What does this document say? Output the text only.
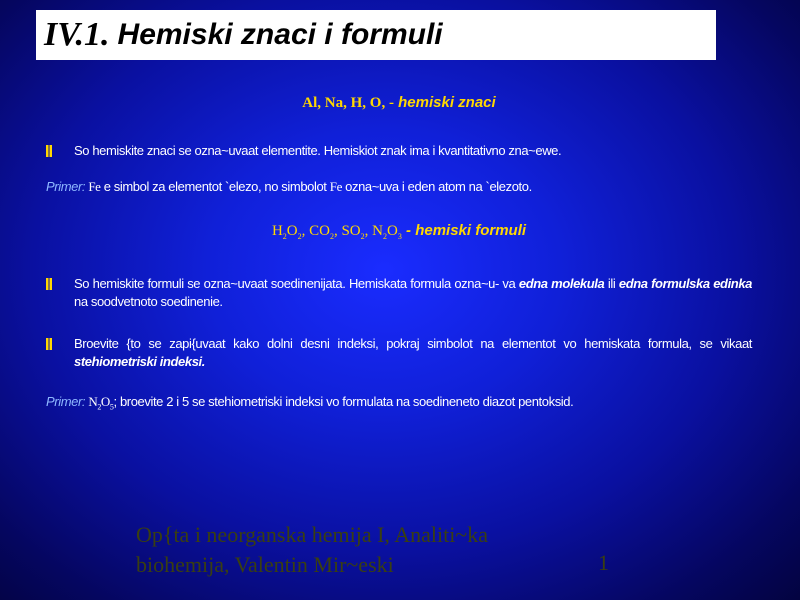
IV.1. Hemiski znaci i formuli
Al, Na, H, O, - hemiski znaci
So hemiskite znaci se ozna~uvaat elementite. Hemiskiot znak ima i kvantitativno zna~ewe.
Primer: Fe e simbol za elementot `elezo, no simbolot Fe ozna~uva i eden atom na `elezoto.
$H_2O_2$, $CO_2$, $SO_2$, $N_2O_3$ - hemiski formuli
So hemiskite formuli se ozna~uvaat soedinenijata. Hemiskata formula ozna~u- va edna molekula ili edna formulska edinka na soodvetnoto soedinenie.
Broevite {to se zapi{uvaat kako dolni desni indeksi, pokraj simbolot na elementot vo hemiskata formula, se vikaat stehiometriski indeksi.
Primer: $N_2O_5$; broevite 2 i 5 se stehiometriski indeksi vo formulata na soedineneto diazot pentoksid.
Op{ta i neorganska hemija I, Analiti~ka
biohemija, Valentin Mir~eski	1
